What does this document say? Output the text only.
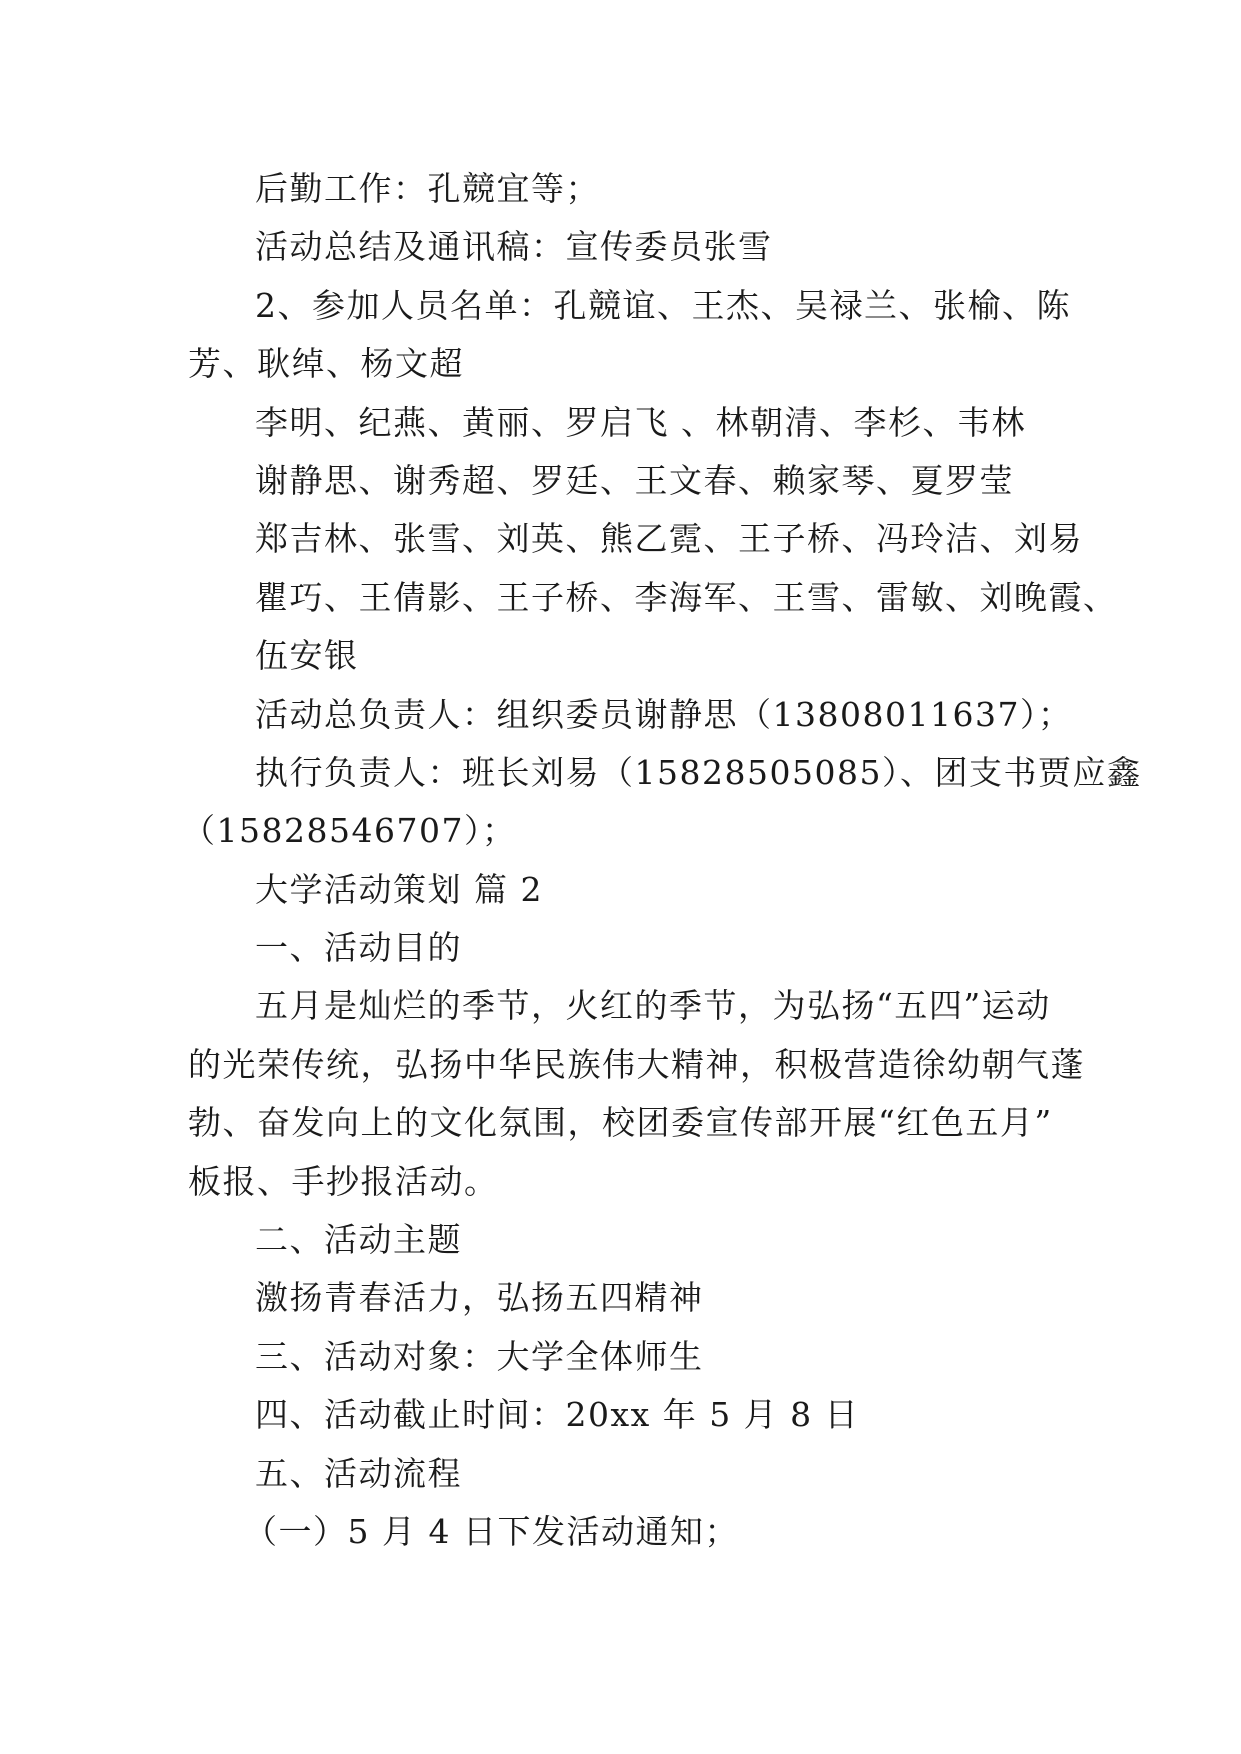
后勤工作：孔競宜等；
活动总结及通讯稿：宣传委员张雪
2、参加人员名单：孔競谊、王杰、吴禄兰、张榆、陈
芳、耿绰、杨文超
李明、纪燕、黄丽、罗启飞 、林朝清、李杉、韦林
谢静思、谢秀超、罗廷、王文春、赖家琴、夏罗莹
郑吉林、张雪、刘英、熊乙霓、王子桥、冯玲洁、刘易
瞿巧、王倩影、王子桥、李海军、王雪、雷敏、刘晚霞、
伍安银
活动总负责人：组织委员谢静思（13808011637）；
执行负责人：班长刘易（15828505085）、团支书贾应鑫
（15828546707）；
大学活动策划 篇 2
一、活动目的
五月是灿烂的季节，火红的季节，为弘扬“五四”运动
的光荣传统，弘扬中华民族伟大精神，积极营造徐幼朝气蓬
勃、奋发向上的文化氛围，校团委宣传部开展“红色五月”
板报、手抄报活动。
二、活动主题
激扬青春活力，弘扬五四精神
三、活动对象：大学全体师生
四、活动截止时间：20xx 年 5 月 8 日
五、活动流程
（一）5 月 4 日下发活动通知；
